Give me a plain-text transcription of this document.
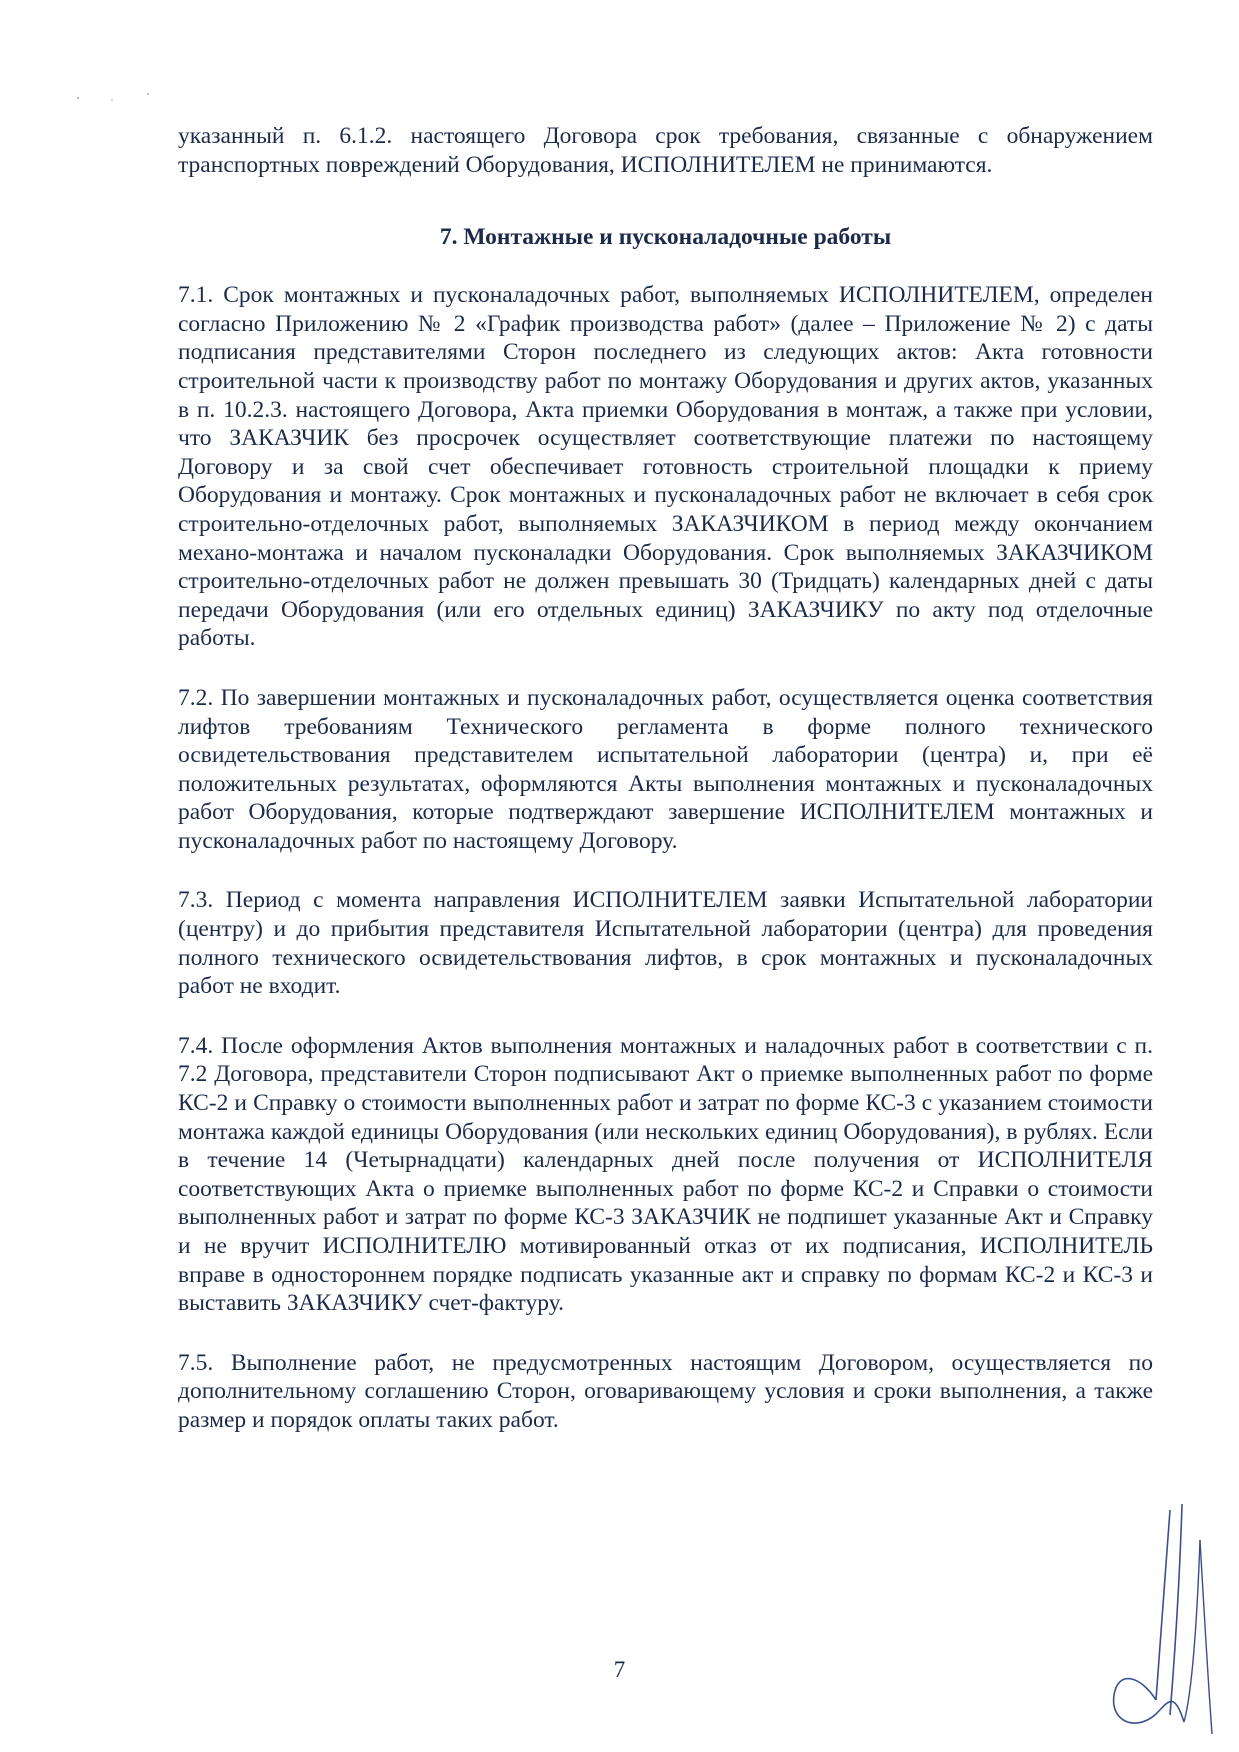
указанный п. 6.1.2. настоящего Договора срок требования, связанные с обнаружением транспортных повреждений Оборудования, ИСПОЛНИТЕЛЕМ не принимаются.

7. Монтажные и пусконаладочные работы

7.1. Срок монтажных и пусконаладочных работ, выполняемых ИСПОЛНИТЕЛЕМ, определен согласно Приложению № 2 «График производства работ» (далее – Приложение № 2) с даты подписания представителями Сторон последнего из следующих актов: Акта готовности строительной части к производству работ по монтажу Оборудования и других актов, указанных в п. 10.2.3. настоящего Договора, Акта приемки Оборудования в монтаж, а также при условии, что ЗАКАЗЧИК без просрочек осуществляет соответствующие платежи по настоящему Договору и за свой счет обеспечивает готовность строительной площадки к приему Оборудования и монтажу. Срок монтажных и пусконаладочных работ не включает в себя срок строительно-отделочных работ, выполняемых ЗАКАЗЧИКОМ в период между окончанием механо-монтажа и началом пусконаладки Оборудования. Срок выполняемых ЗАКАЗЧИКОМ строительно-отделочных работ не должен превышать 30 (Тридцать) календарных дней с даты передачи Оборудования (или его отдельных единиц) ЗАКАЗЧИКУ по акту под отделочные работы.

7.2. По завершении монтажных и пусконаладочных работ, осуществляется оценка соответствия лифтов требованиям Технического регламента в форме полного технического освидетельствования представителем испытательной лаборатории (центра) и, при её положительных результатах, оформляются Акты выполнения монтажных и пусконаладочных работ Оборудования, которые подтверждают завершение ИСПОЛНИТЕЛЕМ монтажных и пусконаладочных работ по настоящему Договору.

7.3. Период с момента направления ИСПОЛНИТЕЛЕМ заявки Испытательной лаборатории (центру) и до прибытия представителя Испытательной лаборатории (центра) для проведения полного технического освидетельствования лифтов, в срок монтажных и пусконаладочных работ не входит.

7.4. После оформления Актов выполнения монтажных и наладочных работ в соответствии с п. 7.2 Договора, представители Сторон подписывают Акт о приемке выполненных работ по форме КС-2 и Справку о стоимости выполненных работ и затрат по форме КС-3 с указанием стоимости монтажа каждой единицы Оборудования (или нескольких единиц Оборудования), в рублях. Если в течение 14 (Четырнадцати) календарных дней после получения от ИСПОЛНИТЕЛЯ соответствующих Акта о приемке выполненных работ по форме КС-2 и Справки о стоимости выполненных работ и затрат по форме КС-3 ЗАКАЗЧИК не подпишет указанные Акт и Справку и не вручит ИСПОЛНИТЕЛЮ мотивированный отказ от их подписания, ИСПОЛНИТЕЛЬ вправе в одностороннем порядке подписать указанные акт и справку по формам КС-2 и КС-3 и выставить ЗАКАЗЧИКУ счет-фактуру.

7.5. Выполнение работ, не предусмотренных настоящим Договором, осуществляется по дополнительному соглашению Сторон, оговаривающему условия и сроки выполнения, а также размер и порядок оплаты таких работ.

7
